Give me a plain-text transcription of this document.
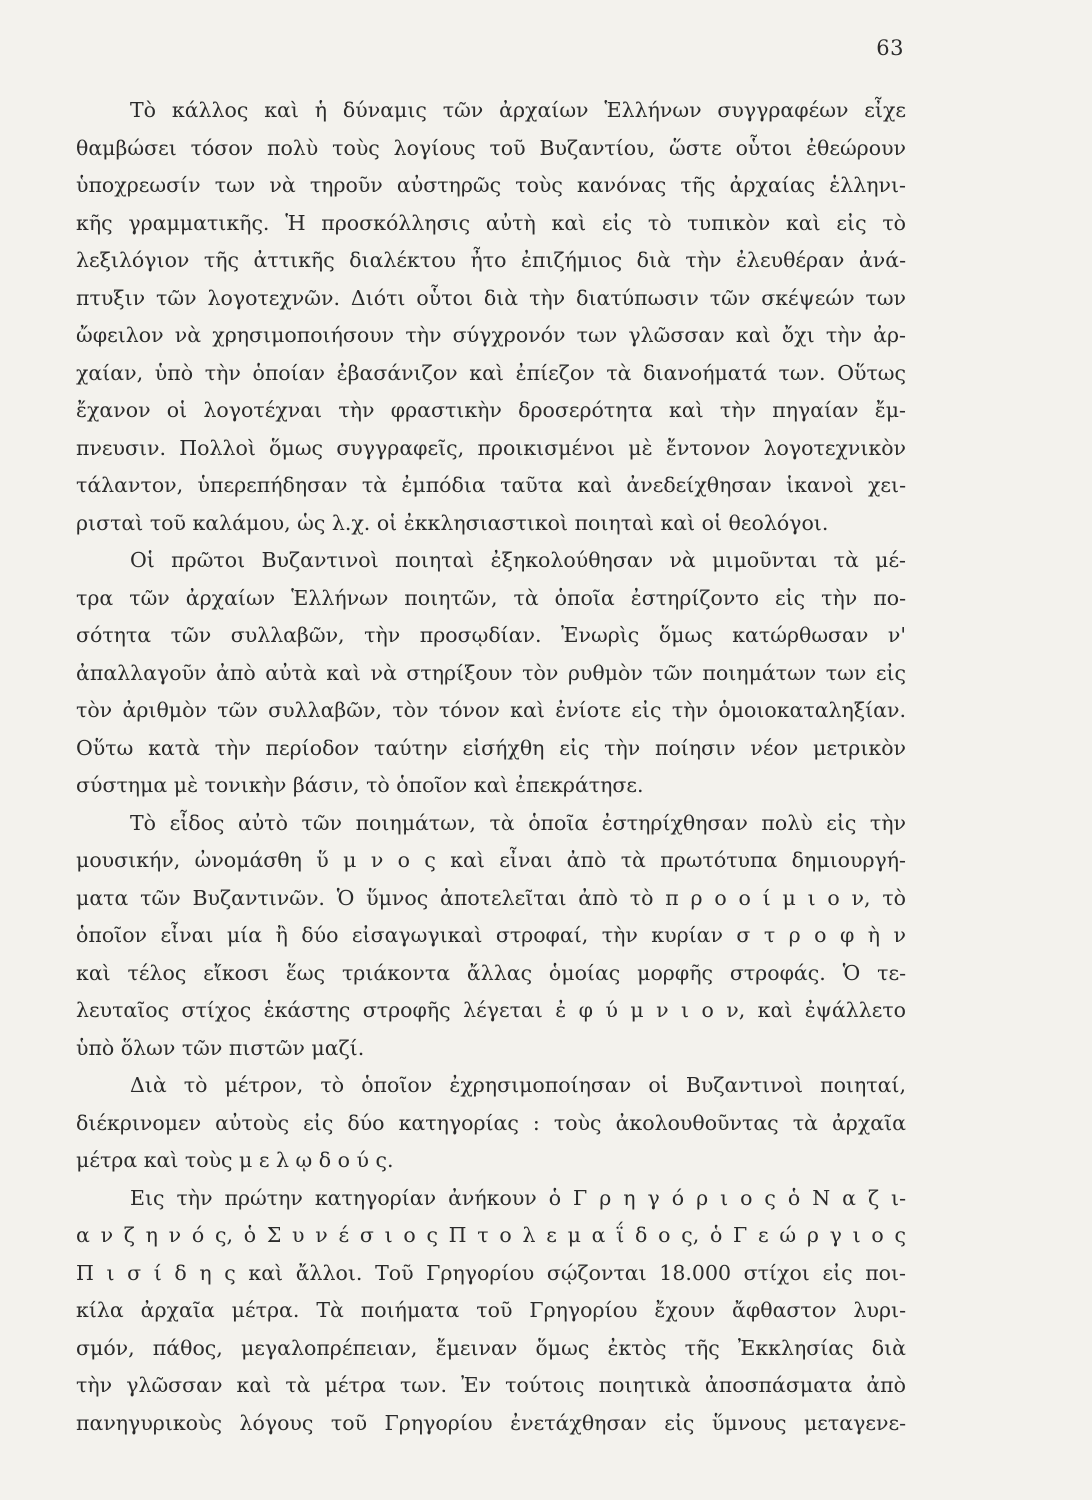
63
Τὸ κάλλος καὶ ἡ δύναμις τῶν ἀρχαίων Ἑλλήνων συγγραφέων εἶχε
θαμβώσει τόσον πολὺ τοὺς λογίους τοῦ Βυζαντίου, ὥστε οὗτοι ἐθεώρουν
ὑποχρεωσίν των νὰ τηροῦν αὐστηρῶς τοὺς κανόνας τῆς ἀρχαίας ἑλληνι-
κῆς γραμματικῆς. Ἡ προσκόλλησις αὐτὴ καὶ εἰς τὸ τυπικὸν καὶ εἰς τὸ
λεξιλόγιον τῆς ἀττικῆς διαλέκτου ἦτο ἐπιζήμιος διὰ τὴν ἐλευθέραν ἀνά-
πτυξιν τῶν λογοτεχνῶν. Διότι οὗτοι διὰ τὴν διατύπωσιν τῶν σκέψεών των
ὤφειλον νὰ χρησιμοποιήσουν τὴν σύγχρονόν των γλῶσσαν καὶ ὄχι τὴν ἀρ-
χαίαν, ὑπὸ τὴν ὁποίαν ἐβασάνιζον καὶ ἐπίεζον τὰ διανοήματά των. Οὕτως
ἔχανον οἱ λογοτέχναι τὴν φραστικὴν δροσερότητα καὶ τὴν πηγαίαν ἔμ-
πνευσιν. Πολλοὶ ὅμως συγγραφεῖς, προικισμένοι μὲ ἔντονον λογοτεχνικὸν
τάλαντον, ὑπερεπήδησαν τὰ ἐμπόδια ταῦτα καὶ ἀνεδείχθησαν ἱκανοὶ χει-
ρισταὶ τοῦ καλάμου, ὡς λ.χ. οἱ ἐκκλησιαστικοὶ ποιηταὶ καὶ οἱ θεολόγοι.
Οἱ πρῶτοι Βυζαντινοὶ ποιηταὶ ἐξηκολούθησαν νὰ μιμοῦνται τὰ μέ-
τρα τῶν ἀρχαίων Ἑλλήνων ποιητῶν, τὰ ὁποῖα ἐστηρίζοντο εἰς τὴν πο-
σότητα τῶν συλλαβῶν, τὴν προσῳδίαν. Ἐνωρὶς ὅμως κατώρθωσαν ν'
ἀπαλλαγοῦν ἀπὸ αὐτὰ καὶ νὰ στηρίξουν τὸν ρυθμὸν τῶν ποιημάτων των εἰς
τὸν ἀριθμὸν τῶν συλλαβῶν, τὸν τόνον καὶ ἐνίοτε εἰς τὴν ὁμοιοκαταληξίαν.
Οὕτω κατὰ τὴν περίοδον ταύτην εἰσήχθη εἰς τὴν ποίησιν νέον μετρικὸν
σύστημα μὲ τονικὴν βάσιν, τὸ ὁποῖον καὶ ἐπεκράτησε.
Τὸ εἶδος αὐτὸ τῶν ποιημάτων, τὰ ὁποῖα ἐστηρίχθησαν πολὺ εἰς τὴν
μουσικήν, ὠνομάσθη ὕ μ ν ο ς καὶ εἶναι ἀπὸ τὰ πρωτότυπα δημιουργή-
ματα τῶν Βυζαντινῶν. Ὁ ὕμνος ἀποτελεῖται ἀπὸ τὸ π ρ ο ο ί μ ι ο ν, τὸ
ὁποῖον εἶναι μία ἢ δύο εἰσαγωγικαὶ στροφαί, τὴν κυρίαν σ τ ρ ο φ ὴ ν
καὶ τέλος εἴκοσι ἕως τριάκοντα ἄλλας ὁμοίας μορφῆς στροφάς. Ὁ τε-
λευταῖος στίχος ἑκάστης στροφῆς λέγεται ἐ φ ύ μ ν ι ο ν, καὶ ἐψάλλετο
ὑπὸ ὅλων τῶν πιστῶν μαζί.
Διὰ τὸ μέτρον, τὸ ὁποῖον ἐχρησιμοποίησαν οἱ Βυζαντινοὶ ποιηταί,
διέκρινομεν αὐτοὺς εἰς δύο κατηγορίας : τοὺς ἀκολουθοῦντας τὰ ἀρχαῖα
μέτρα καὶ τοὺς μ ε λ ῳ δ ο ύ ς.
Εις τὴν πρώτην κατηγορίαν ἀνήκουν ὁ Γ ρ η γ ό ρ ι ο ς ὁ Ν α ζ ι-
α ν ζ η ν ό ς, ὁ Σ υ ν έ σ ι ο ς Π τ ο λ ε μ α ΐ δ ο ς, ὁ Γ ε ώ ρ γ ι ο ς
Π ι σ ί δ η ς καὶ ἄλλοι. Τοῦ Γρηγορίου σῴζονται 18.000 στίχοι εἰς ποι-
κίλα ἀρχαῖα μέτρα. Τὰ ποιήματα τοῦ Γρηγορίου ἔχουν ἄφθαστον λυρι-
σμόν, πάθος, μεγαλοπρέπειαν, ἔμειναν ὅμως ἐκτὸς τῆς Ἐκκλησίας διὰ
τὴν γλῶσσαν καὶ τὰ μέτρα των. Ἐν τούτοις ποιητικὰ ἀποσπάσματα ἀπὸ
πανηγυρικοὺς λόγους τοῦ Γρηγορίου ἐνετάχθησαν εἰς ὕμνους μεταγενε-
